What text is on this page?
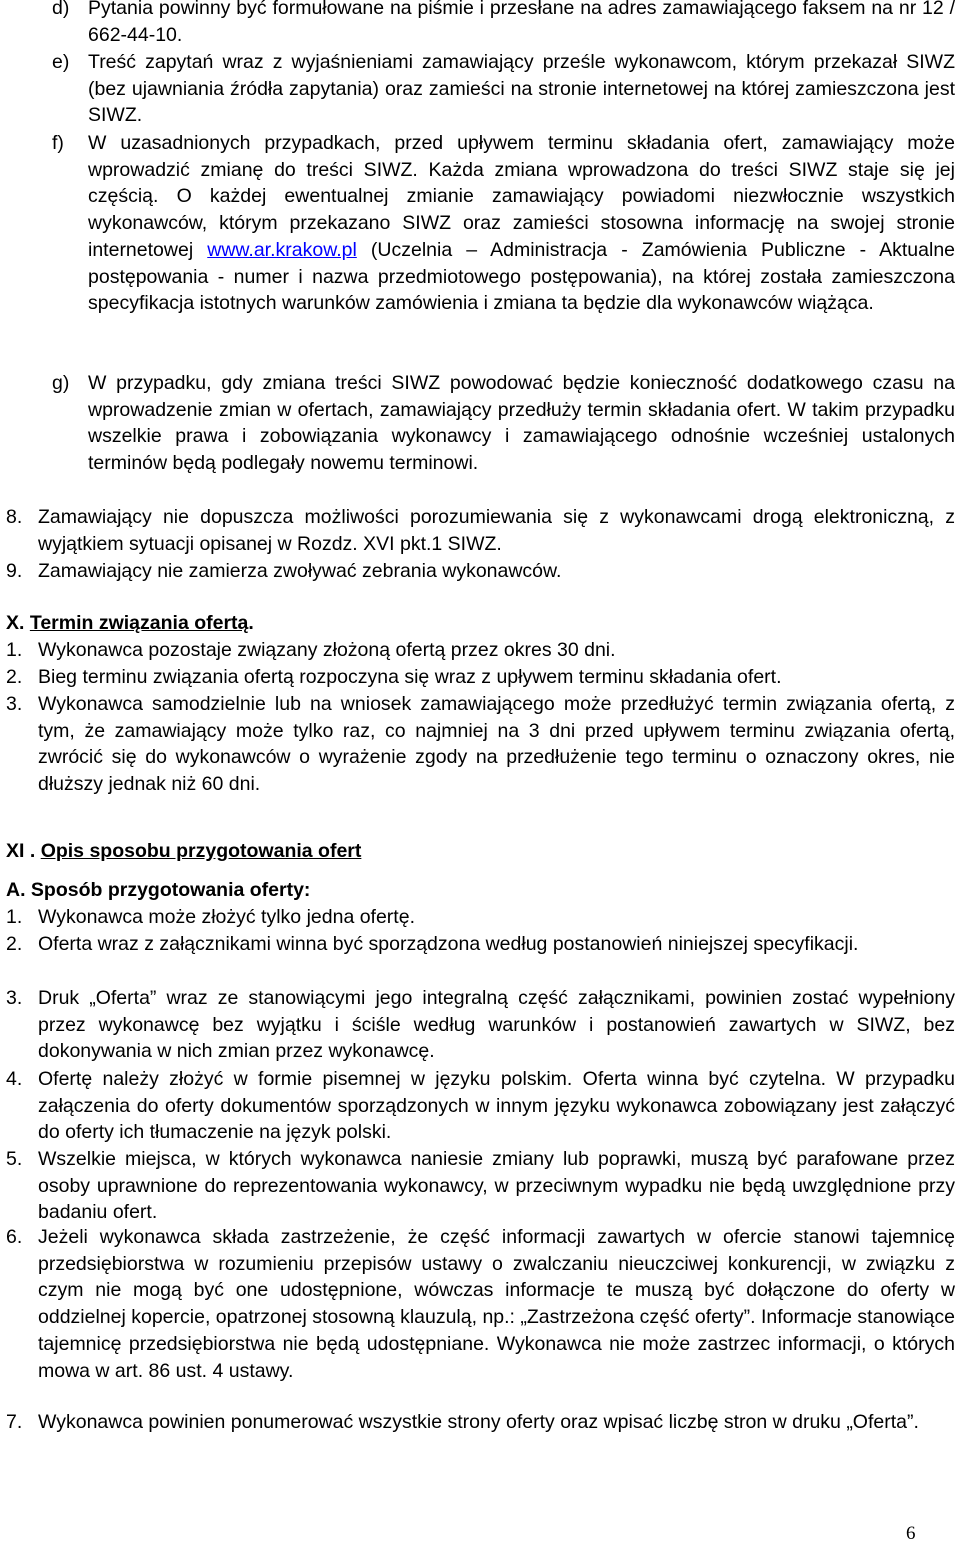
d) Pytania powinny być formułowane na piśmie i przesłane na adres zamawiającego faksem na nr 12 / 662-44-10.
e) Treść zapytań wraz z wyjaśnieniami zamawiający prześle wykonawcom, którym przekazał SIWZ (bez ujawniania źródła zapytania) oraz zamieści na stronie internetowej na której zamieszczona jest SIWZ.
f) W uzasadnionych przypadkach, przed upływem terminu składania ofert, zamawiający może wprowadzić zmianę do treści SIWZ. Każda zmiana wprowadzona do treści SIWZ staje się jej częścią. O każdej ewentualnej zmianie zamawiający powiadomi niezwłocznie wszystkich wykonawców, którym przekazano SIWZ oraz zamieści stosowna informację na swojej stronie internetowej www.ar.krakow.pl (Uczelnia – Administracja - Zamówienia Publiczne - Aktualne postępowania - numer i nazwa przedmiotowego postępowania), na której została zamieszczona specyfikacja istotnych warunków zamówienia i zmiana ta będzie dla wykonawców wiążąca.
g) W przypadku, gdy zmiana treści SIWZ powodować będzie konieczność dodatkowego czasu na wprowadzenie zmian w ofertach, zamawiający przedłuży termin składania ofert. W takim przypadku wszelkie prawa i zobowiązania wykonawcy i zamawiającego odnośnie wcześniej ustalonych terminów będą podlegały nowemu terminowi.
8. Zamawiający nie dopuszcza możliwości porozumiewania się z wykonawcami drogą elektroniczną, z wyjątkiem sytuacji opisanej w Rozdz. XVI pkt.1 SIWZ.
9. Zamawiający nie zamierza zwoływać zebrania wykonawców.
X. Termin związania ofertą.
1. Wykonawca pozostaje związany złożoną ofertą przez okres 30 dni.
2. Bieg terminu związania ofertą rozpoczyna się wraz z upływem terminu składania ofert.
3. Wykonawca samodzielnie lub na wniosek zamawiającego może przedłużyć termin związania ofertą, z tym, że zamawiający może tylko raz, co najmniej na 3 dni przed upływem terminu związania ofertą, zwrócić się do wykonawców o wyrażenie zgody na przedłużenie tego terminu o oznaczony okres, nie dłuższy jednak niż 60 dni.
XI . Opis sposobu przygotowania ofert
A. Sposób przygotowania oferty:
1. Wykonawca może złożyć tylko jedna ofertę.
2. Oferta wraz z załącznikami winna być sporządzona według postanowień niniejszej specyfikacji.
3. Druk „Oferta” wraz ze stanowiącymi jego integralną część załącznikami, powinien zostać wypełniony przez wykonawcę bez wyjątku i ściśle według warunków i postanowień zawartych w SIWZ, bez dokonywania w nich zmian przez wykonawcę.
4. Ofertę należy złożyć w formie pisemnej w języku polskim. Oferta winna być czytelna. W przypadku załączenia do oferty dokumentów sporządzonych w innym języku wykonawca zobowiązany jest załączyć do oferty ich tłumaczenie na język polski.
5. Wszelkie miejsca, w których wykonawca naniesie zmiany lub poprawki, muszą być parafowane przez osoby uprawnione do reprezentowania wykonawcy, w przeciwnym wypadku nie będą uwzględnione przy badaniu ofert.
6. Jeżeli wykonawca składa zastrzeżenie, że część informacji zawartych w ofercie stanowi tajemnicę przedsiębiorstwa w rozumieniu przepisów ustawy o zwalczaniu nieuczciwej konkurencji, w związku z czym nie mogą być one udostępnione, wówczas informacje te muszą być dołączone do oferty w oddzielnej kopercie, opatrzonej stosowną klauzulą, np.: „Zastrzeżona część oferty”. Informacje stanowiące tajemnicę przedsiębiorstwa nie będą udostępniane. Wykonawca nie może zastrzec informacji, o których mowa w art. 86 ust. 4 ustawy.
7. Wykonawca powinien ponumerować wszystkie strony oferty oraz wpisać liczbę stron w druku „Oferta”.
6
